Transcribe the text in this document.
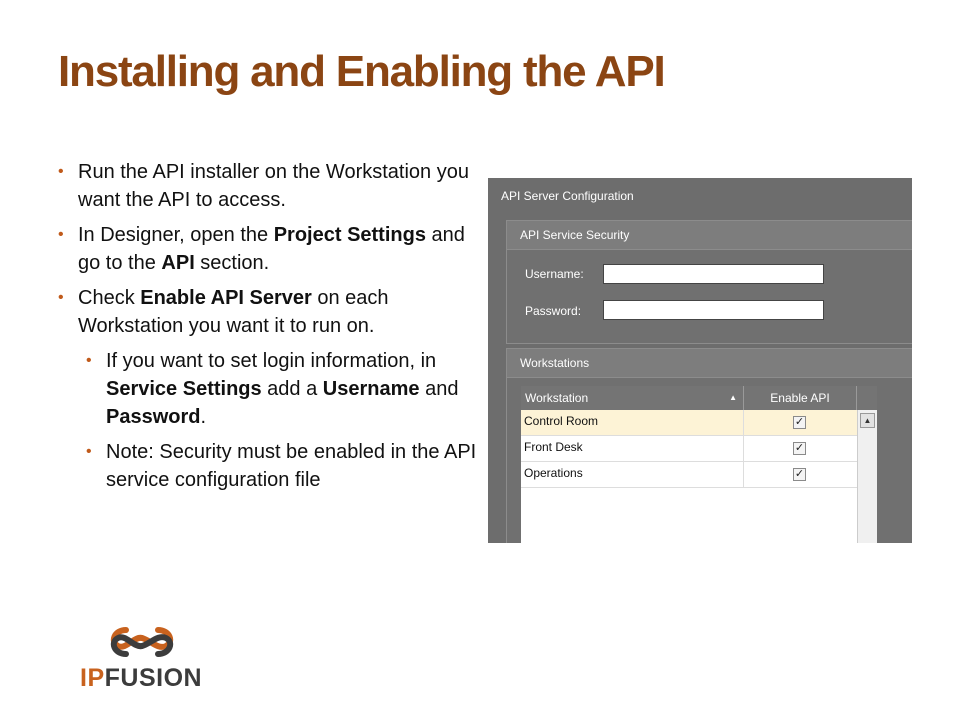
Installing and Enabling the API
• Run the API installer on the Workstation you want the API to access.
• In Designer, open the Project Settings and go to the API section.
• Check Enable API Server on each Workstation you want it to run on.
• If you want to set login information, in Service Settings add a Username and Password.
• Note: Security must be enabled in the API service configuration file
API Server Configuration
API Service Security
Username:
Password:
Workstations
Workstation	▲	Enable API
Control Room	✓
Front Desk	✓
Operations	✓
▲
IPFUSION
